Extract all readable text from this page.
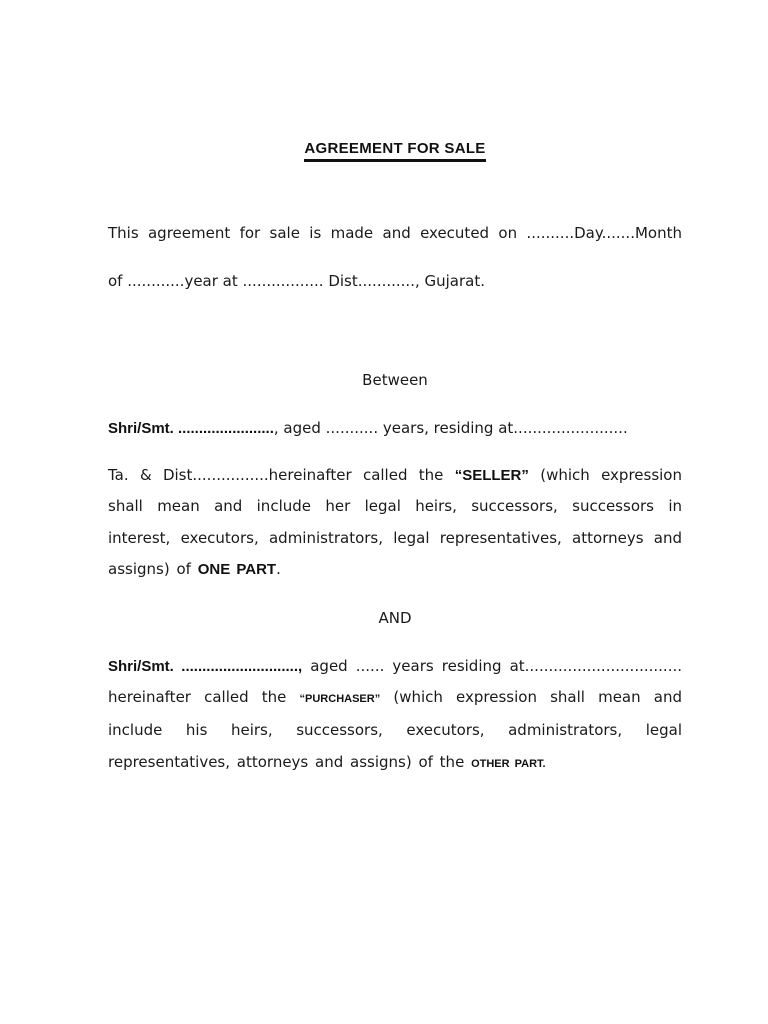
AGREEMENT FOR SALE
This agreement for sale is made and executed on ..........Day.......Month
of ............year at ................. Dist............, Gujarat.
Between
Shri/Smt. ......................., aged ........... years, residing at........................

Ta. & Dist................hereinafter called the “SELLER” (which expression shall mean and include her legal heirs, successors, successors in interest, executors, administrators, legal representatives, attorneys and assigns) of ONE PART.

AND
Shri/Smt. ............................, aged ...... years residing at.................................

hereinafter called the “PURCHASER” (which expression shall mean and include his heirs, successors, executors, administrators, legal representatives, attorneys and assigns) of the OTHER PART.
